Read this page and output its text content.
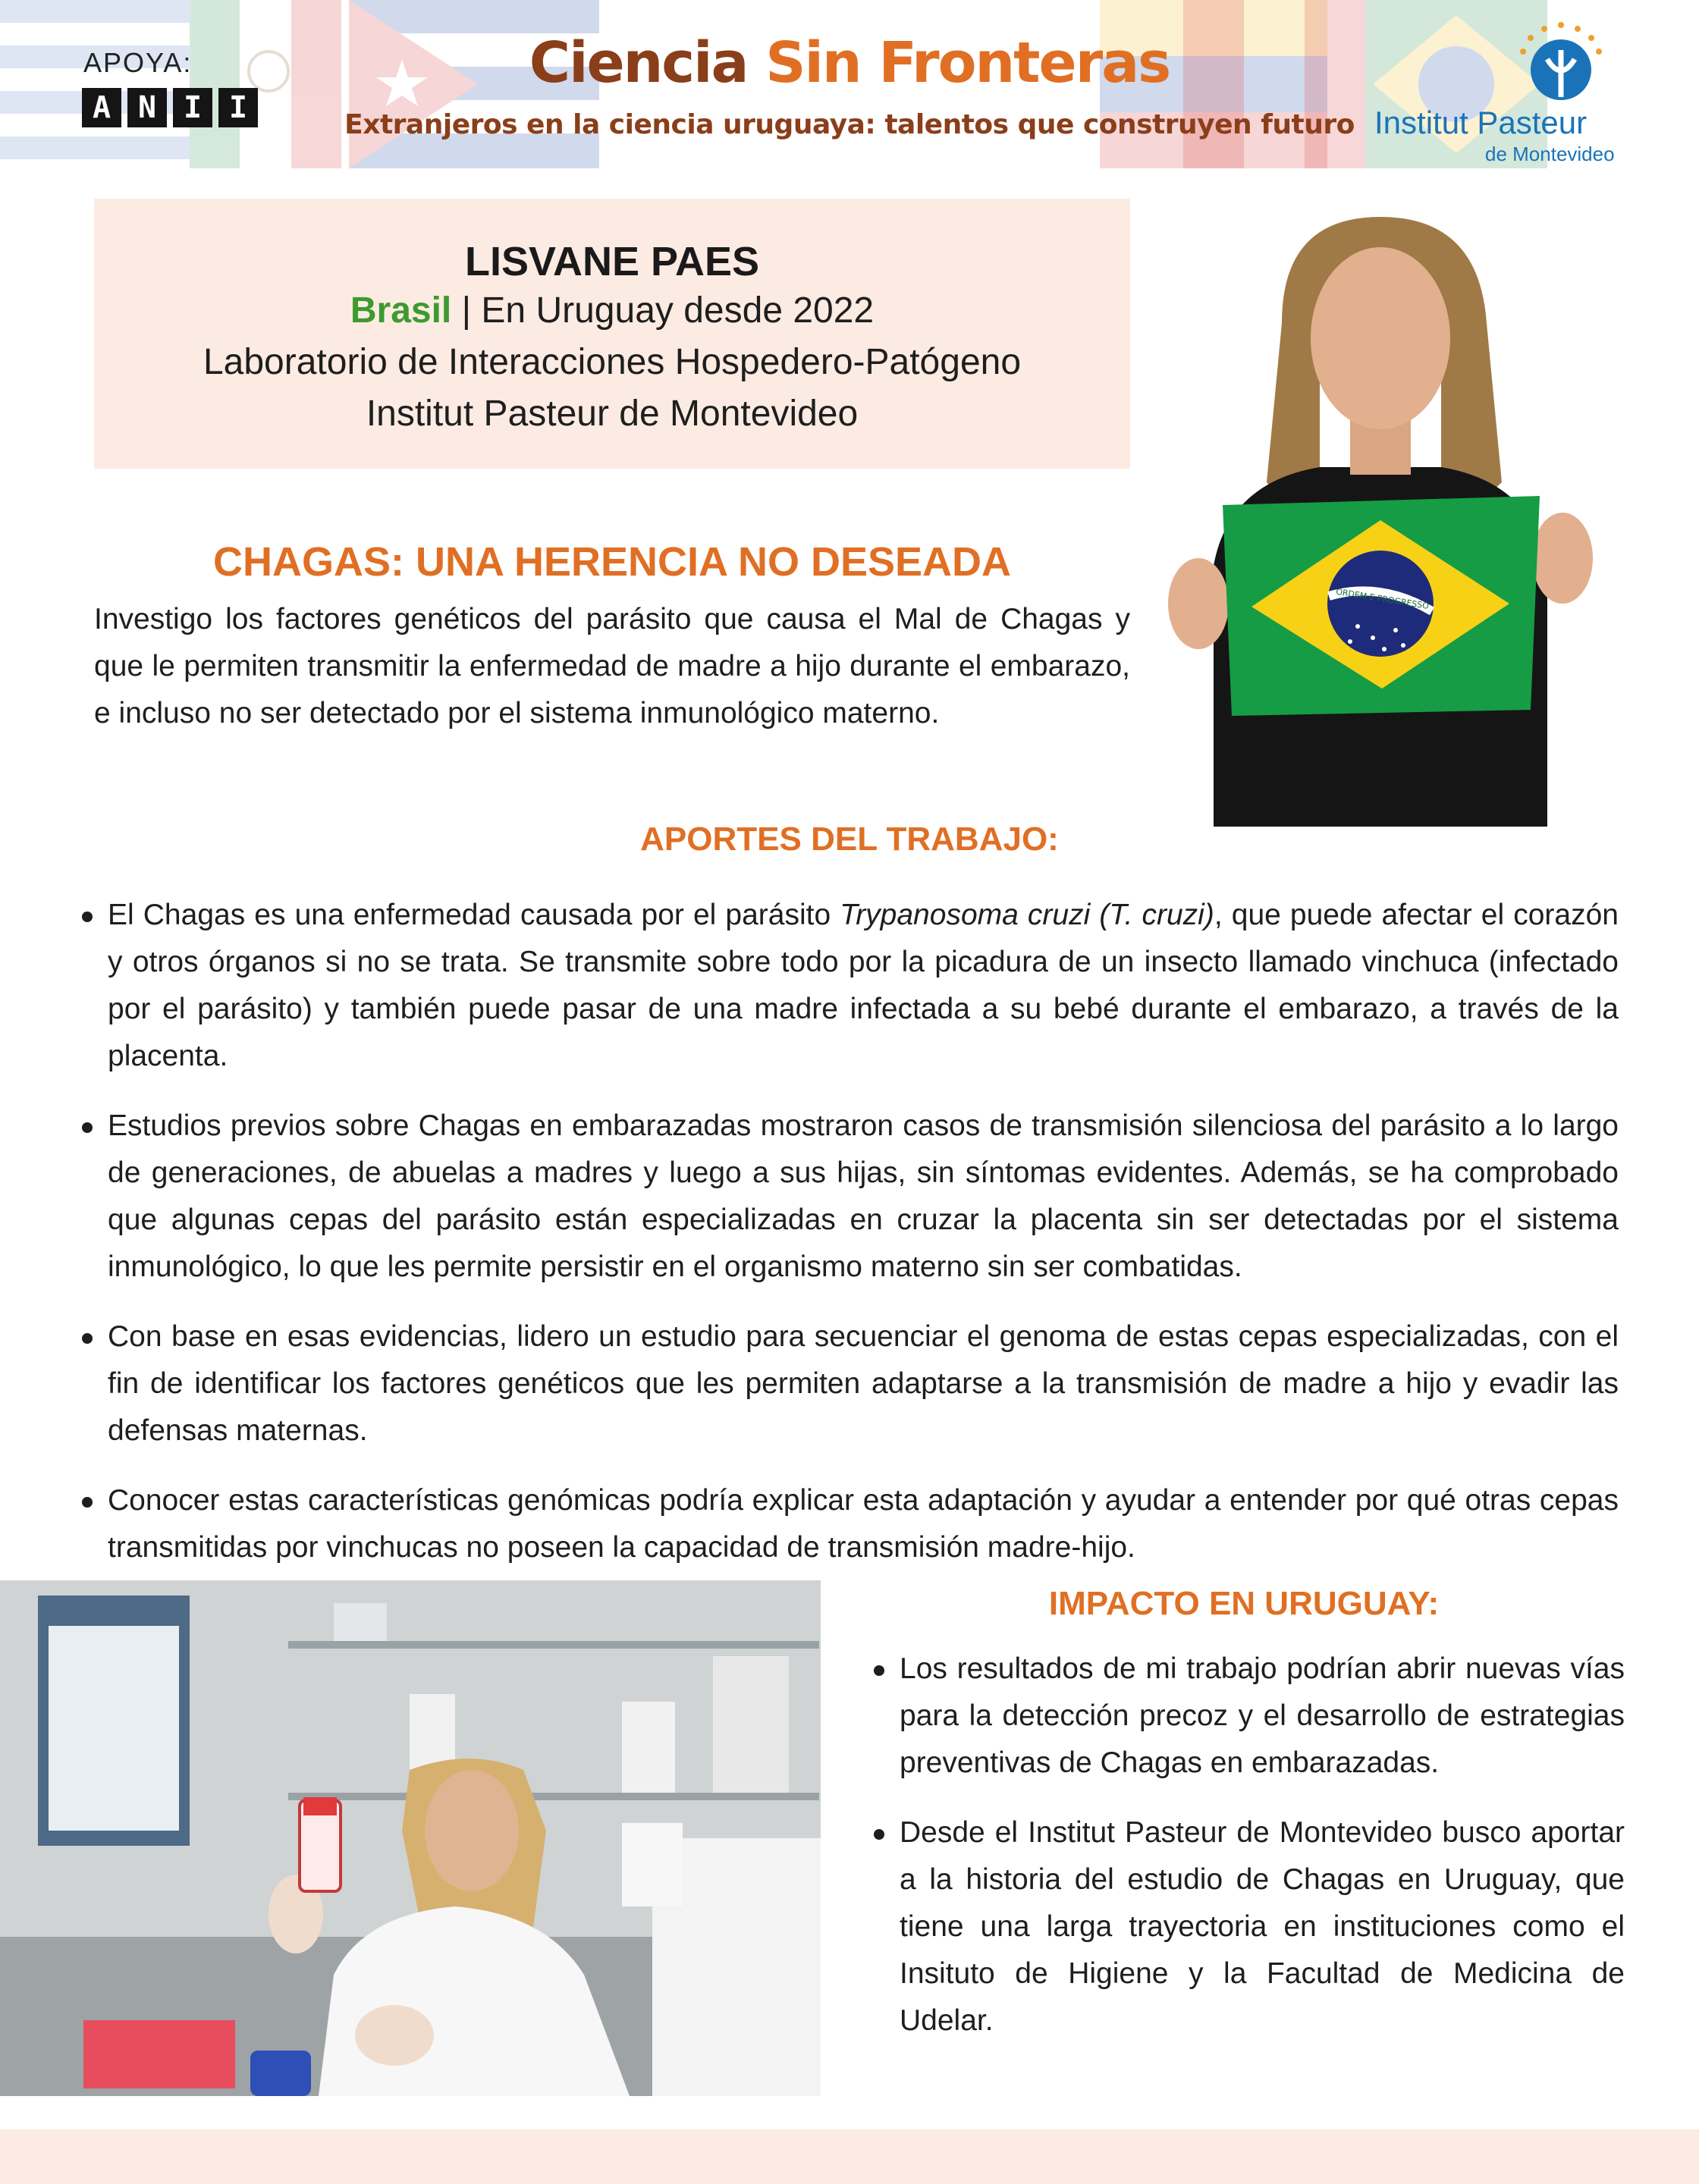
APOYA:
A N I I
Ciencia Sin Fronteras
Extranjeros en la ciencia uruguaya: talentos que construyen futuro Institut Pasteur
de Montevideo
LISVANE PAES
Brasil | En Uruguay desde 2022
Laboratorio de Interacciones Hospedero-Patógeno
Institut Pasteur de Montevideo
ORDEM E PROGRESSO
CHAGAS: UNA HERENCIA NO DESEADA
Investigo los factores genéticos del parásito que causa el Mal de Chagas y que le permiten transmitir la enfermedad de madre a hijo durante el embarazo, e incluso no ser detectado por el sistema inmunológico materno.
APORTES DEL TRABAJO:
El Chagas es una enfermedad causada por el parásito Trypanosoma cruzi (T. cruzi), que puede afectar el corazón y otros órganos si no se trata. Se transmite sobre todo por la picadura de un insecto llamado vinchuca (infectado por el parásito) y también puede pasar de una madre infectada a su bebé durante el embarazo, a través de la placenta.
Estudios previos sobre Chagas en embarazadas mostraron casos de transmisión silenciosa del parásito a lo largo de generaciones, de abuelas a madres y luego a sus hijas, sin síntomas evidentes. Además, se ha comprobado que algunas cepas del parásito están especializadas en cruzar la placenta sin ser detectadas por el sistema inmunológico, lo que les permite persistir en el organismo materno sin ser combatidas.
Con base en esas evidencias, lidero un estudio para secuenciar el genoma de estas cepas especializadas, con el fin de identificar los factores genéticos que les permiten adaptarse a la transmisión de madre a hijo y evadir las defensas maternas.
Conocer estas características genómicas podría explicar esta adaptación y ayudar a entender por qué otras cepas transmitidas por vinchucas no poseen la capacidad de transmisión madre-hijo.
IMPACTO EN URUGUAY:
Los resultados de mi trabajo podrían abrir nuevas vías para la detección precoz y el desarrollo de estrategias preventivas de Chagas en embarazadas.
Desde el Institut Pasteur de Montevideo busco aportar a la historia del estudio de Chagas en Uruguay, que tiene una larga trayectoria en instituciones como el Insituto de Higiene y la Facultad de Medicina de Udelar.
